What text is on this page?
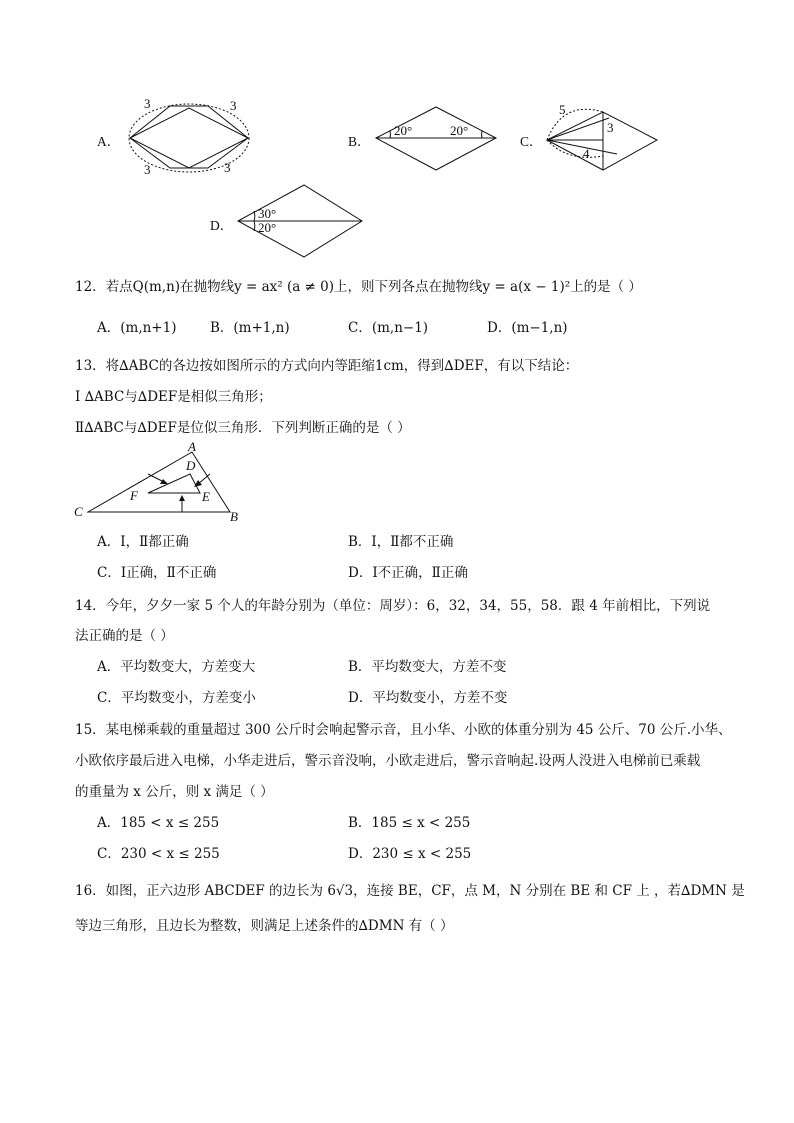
A．
3	3
3	3
B．
20°	20°
C．
5
3
4
D．
30°
20°
12．若点Q(m,n)在抛物线y = ax² (a ≠ 0)上，则下列各点在抛物线y = a(x − 1)²上的是（ ）
A．(m,n+1) B．(m+1,n)	C．(m,n−1)	D．(m−1,n)
13．将∆ABC的各边按如图所示的方式向内等距缩1cm，得到∆DEF，有以下结论：
Ⅰ ∆ABC与∆DEF是相似三角形；
Ⅱ∆ABC与∆DEF是位似三角形．下列判断正确的是（ ）
A
B
C
D
E
F
A．Ⅰ，Ⅱ都正确	B．Ⅰ，Ⅱ都不正确
C．Ⅰ正确，Ⅱ不正确	D．Ⅰ不正确，Ⅱ正确
14．今年，夕夕一家 5 个人的年龄分别为（单位：周岁）：6，32，34，55，58．跟 4 年前相比，下列说
法正确的是（ ）
A．平均数变大，方差变大	B．平均数变大，方差不变
C．平均数变小，方差变小	D．平均数变小，方差不变
15．某电梯乘载的重量超过 300 公斤时会响起警示音，且小华、小欧的体重分别为 45 公斤、70 公斤.小华、
小欧依序最后进入电梯，小华走进后，警示音没响，小欧走进后，警示音响起.设两人没进入电梯前已乘载
的重量为 x 公斤，则 x 满足（ ）
A．185 < x ≤ 255	B．185 ≤ x < 255
C．230 < x ≤ 255	D．230 ≤ x < 255
16．如图，正六边形 ABCDEF 的边长为 6√3，连接 BE，CF，点 M，N 分别在 BE 和 CF 上 ，若∆DMN 是
等边三角形，且边长为整数，则满足上述条件的∆DMN 有（ ）
